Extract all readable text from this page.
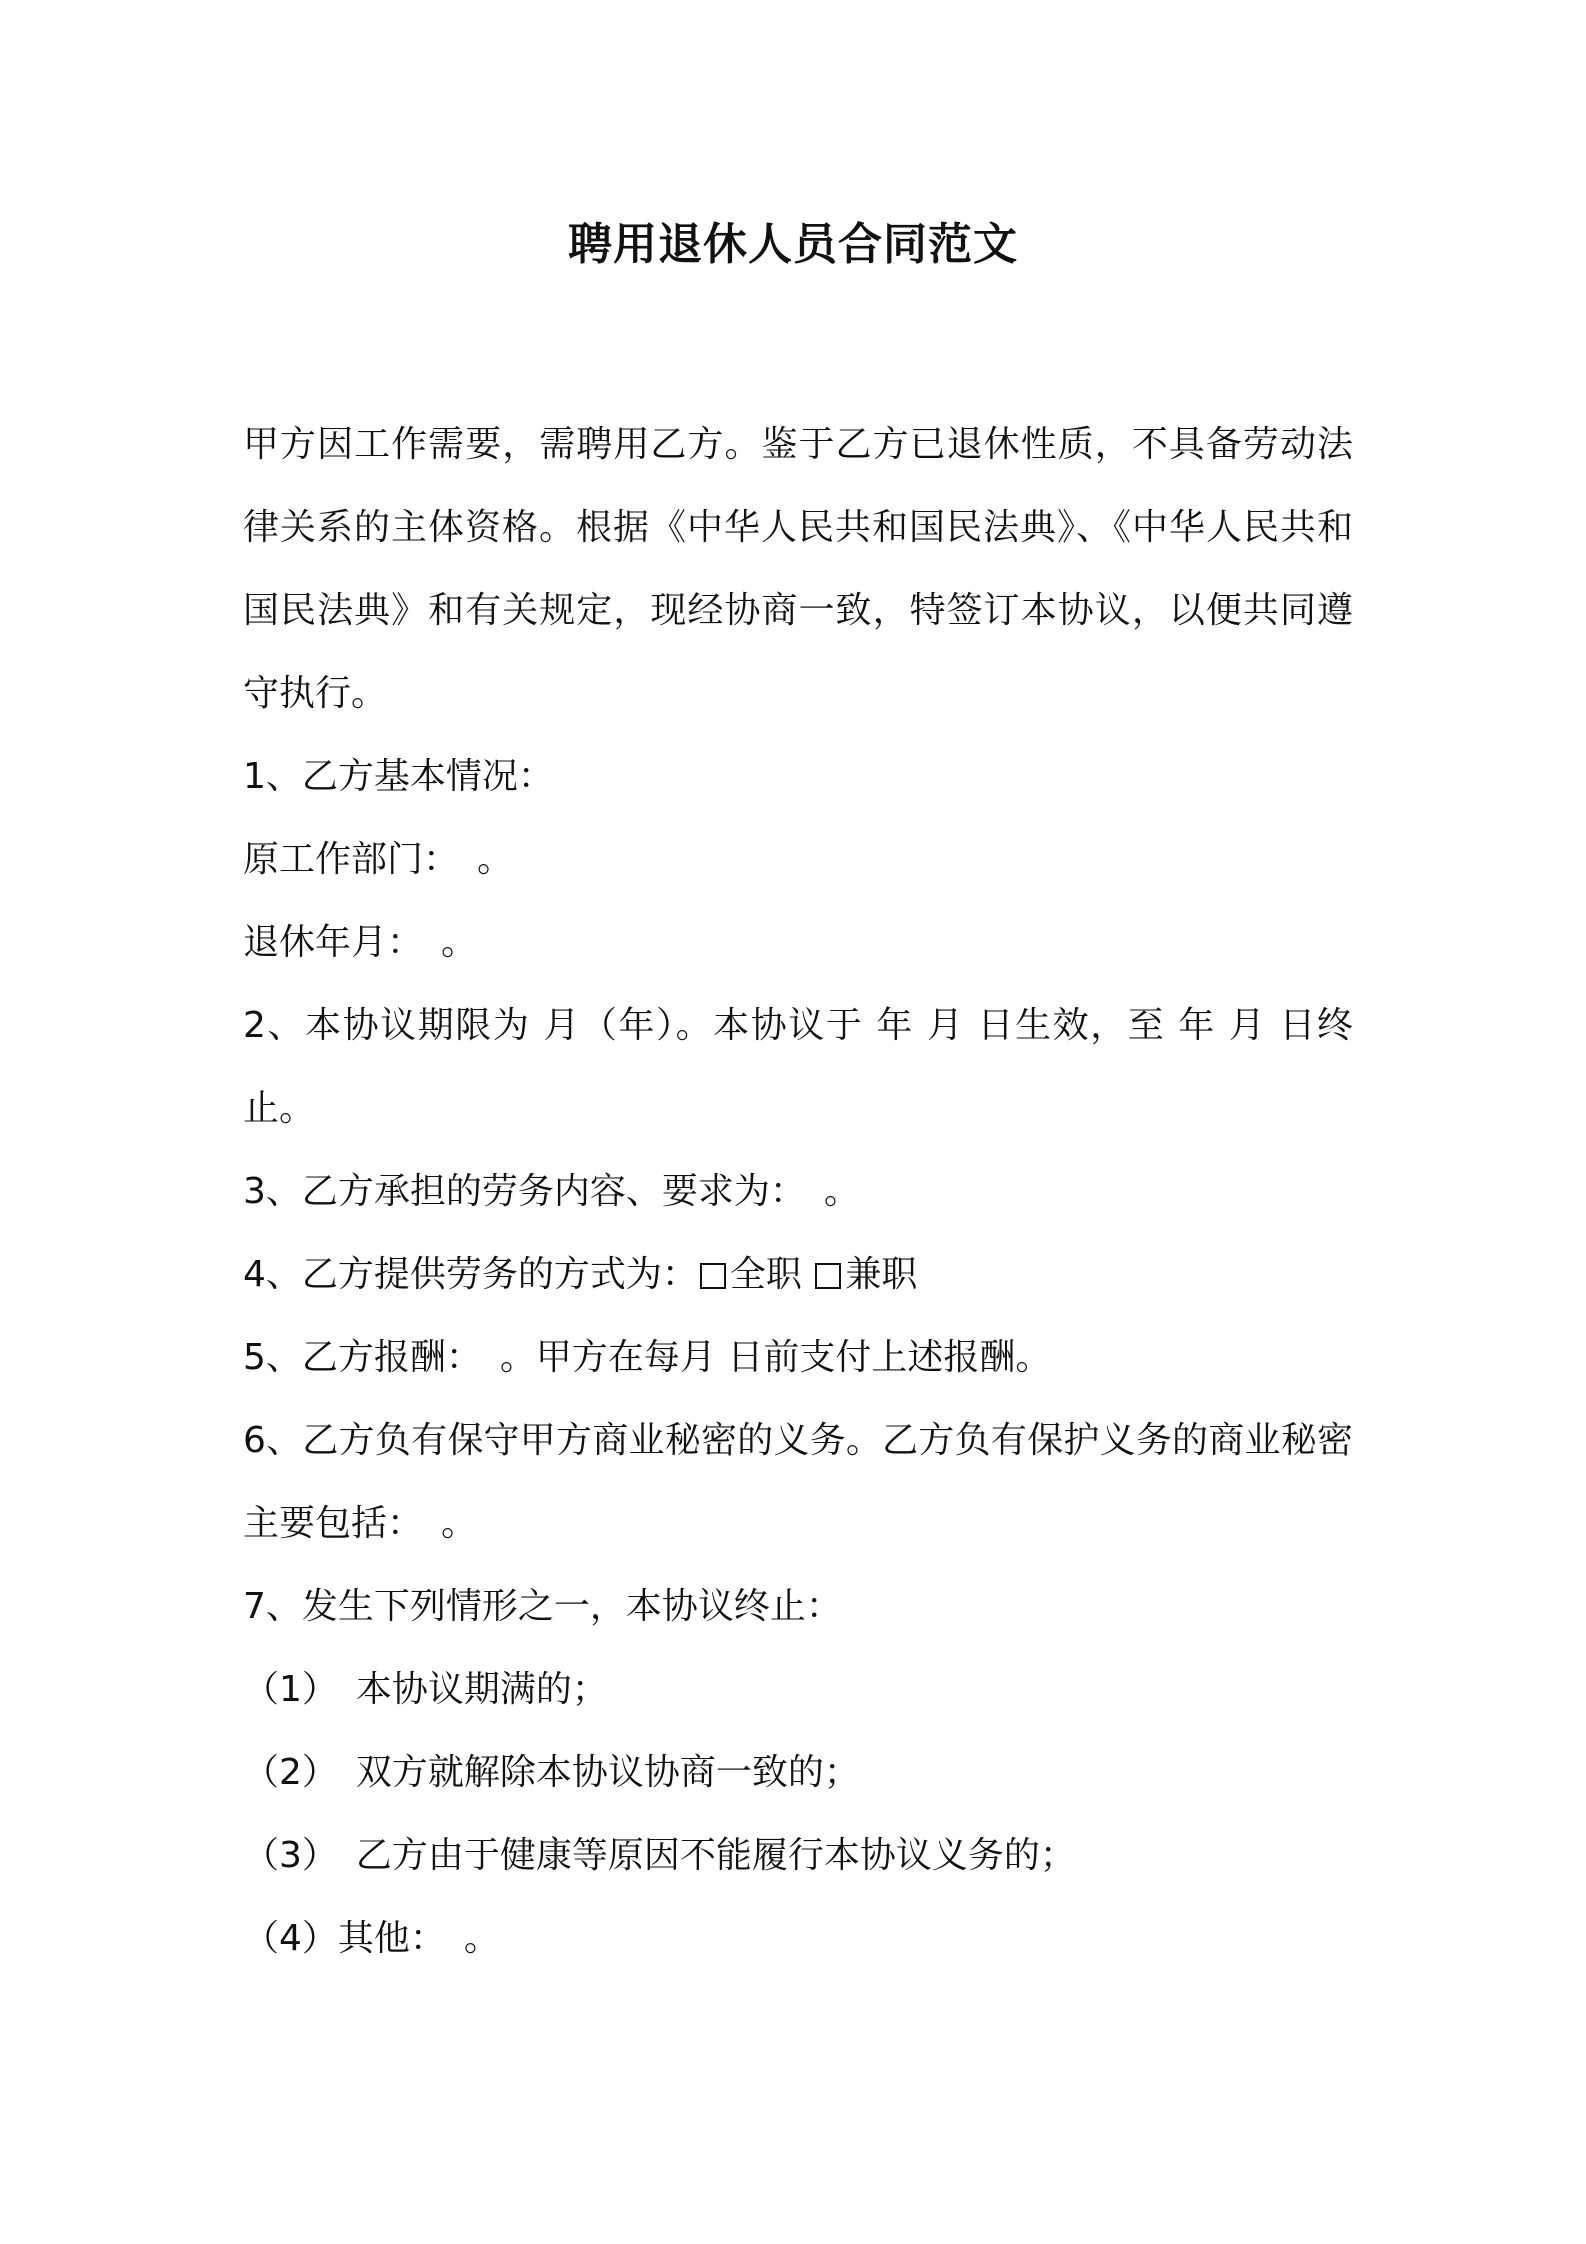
聘用退休人员合同范文

甲方因工作需要，需聘用乙方。鉴于乙方已退休性质，不具备劳动法律关系的主体资格。根据《中华人民共和国民法典》、《中华人民共和国民法典》和有关规定，现经协商一致，特签订本协议，以便共同遵守执行。

1、乙方基本情况：

原工作部门：　。

退休年月：　。

2、本协议期限为 月（年）。本协议于 年 月 日生效，至 年 月 日终止。

3、乙方承担的劳务内容、要求为：　。

4、乙方提供劳务的方式为： 全职 兼职

5、乙方报酬：　。甲方在每月 日前支付上述报酬。

6、乙方负有保守甲方商业秘密的义务。乙方负有保护义务的商业秘密主要包括：　。

7、发生下列情形之一，本协议终止：

（1）　本协议期满的；

（2）　双方就解除本协议协商一致的；

（3）　乙方由于健康等原因不能履行本协议义务的；

（4）其他：　。
